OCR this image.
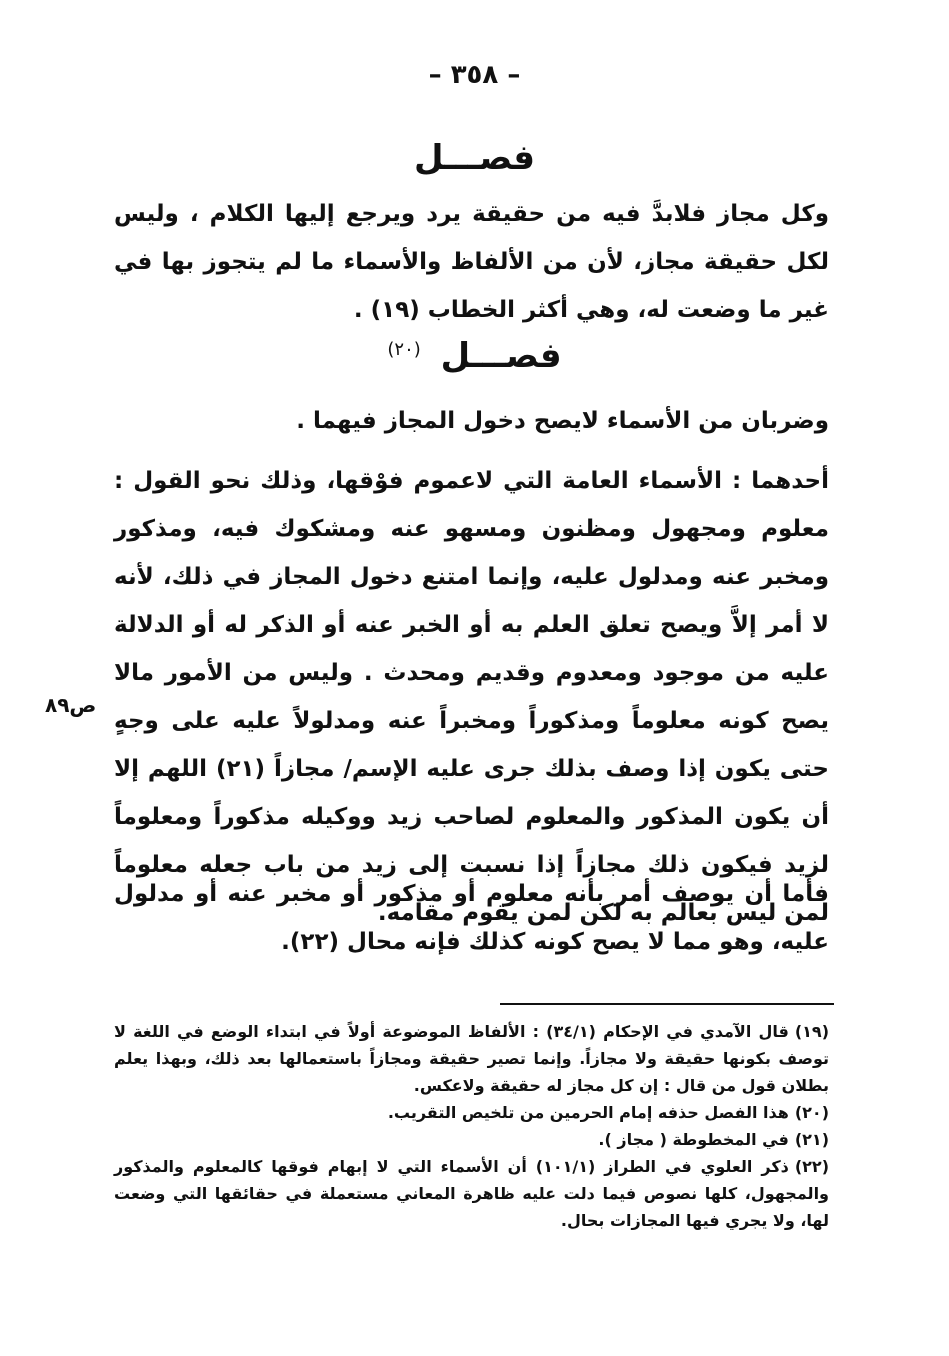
– ٣٥٨ –
فصـــل
وكل مجاز فلابدَّ فيه من حقيقة يرد ويرجع إليها الكلام ، وليس لكل حقيقة مجاز، لأن من الألفاظ والأسماء ما لم يتجوز بها في غير ما وضعت له، وهي أكثر الخطاب (١٩) .
فصـــل $^{(٢٠)}$
وضربان من الأسماء لايصح دخول المجاز فيهما .
أحدهما : الأسماء العامة التي لاعموم فوْقها، وذلك نحو القول : معلوم ومجهول ومظنون ومسهو عنه ومشكوك فيه، ومذكور ومخبر عنه ومدلول عليه، وإنما امتنع دخول المجاز في ذلك، لأنه لا أمر إلاَّ ويصح تعلق العلم به أو الخبر عنه أو الذكر له أو الدلالة عليه من موجود ومعدوم وقديم ومحدث . وليس من الأمور مالا يصح كونه معلوماً ومذكوراً ومخبراً عنه ومدلولاً عليه على وجهٍ حتى يكون إذا وصف بذلك جرى عليه الإسم/ مجازاً (٢١) اللهم إلا أن يكون المذكور والمعلوم لصاحب زيد ووكيله مذكوراً ومعلوماً لزيد فيكون ذلك مجازاً إذا نسبت إلى زيد من باب جعله معلوماً لمن ليس بعالم به لكن لمن يقوم مقامه.
ص٨٩
فأما أن يوصف أمر بأنه معلوم أو مذكور أو مخبر عنه أو مدلول عليه، وهو مما لا يصح كونه كذلك فإنه محال (٢٢).

(١٩)قال الآمدي في الإحكام (٣٤/١) : الألفاظ الموضوعة أولاً في ابتداء الوضع في اللغة لا توصف بكونها حقيقة ولا مجازاً. وإنما تصير حقيقة ومجازاً باستعمالها بعد ذلك، وبهذا يعلم بطلان قول من قال : إن كل مجاز له حقيقة ولاعكس.

(٢٠)هذا الفصل حذفه إمام الحرمين من تلخيص التقريب.

(٢١)في المخطوطة ( مجاز ).

(٢٢)ذكر العلوي في الطراز (١٠١/١) أن الأسماء التي لا إبهام فوقها كالمعلوم والمذكور والمجهول، كلها نصوص فيما دلت عليه ظاهرة المعاني مستعملة في حقائقها التي وضعت لها، ولا يجري فيها المجازات بحال.
